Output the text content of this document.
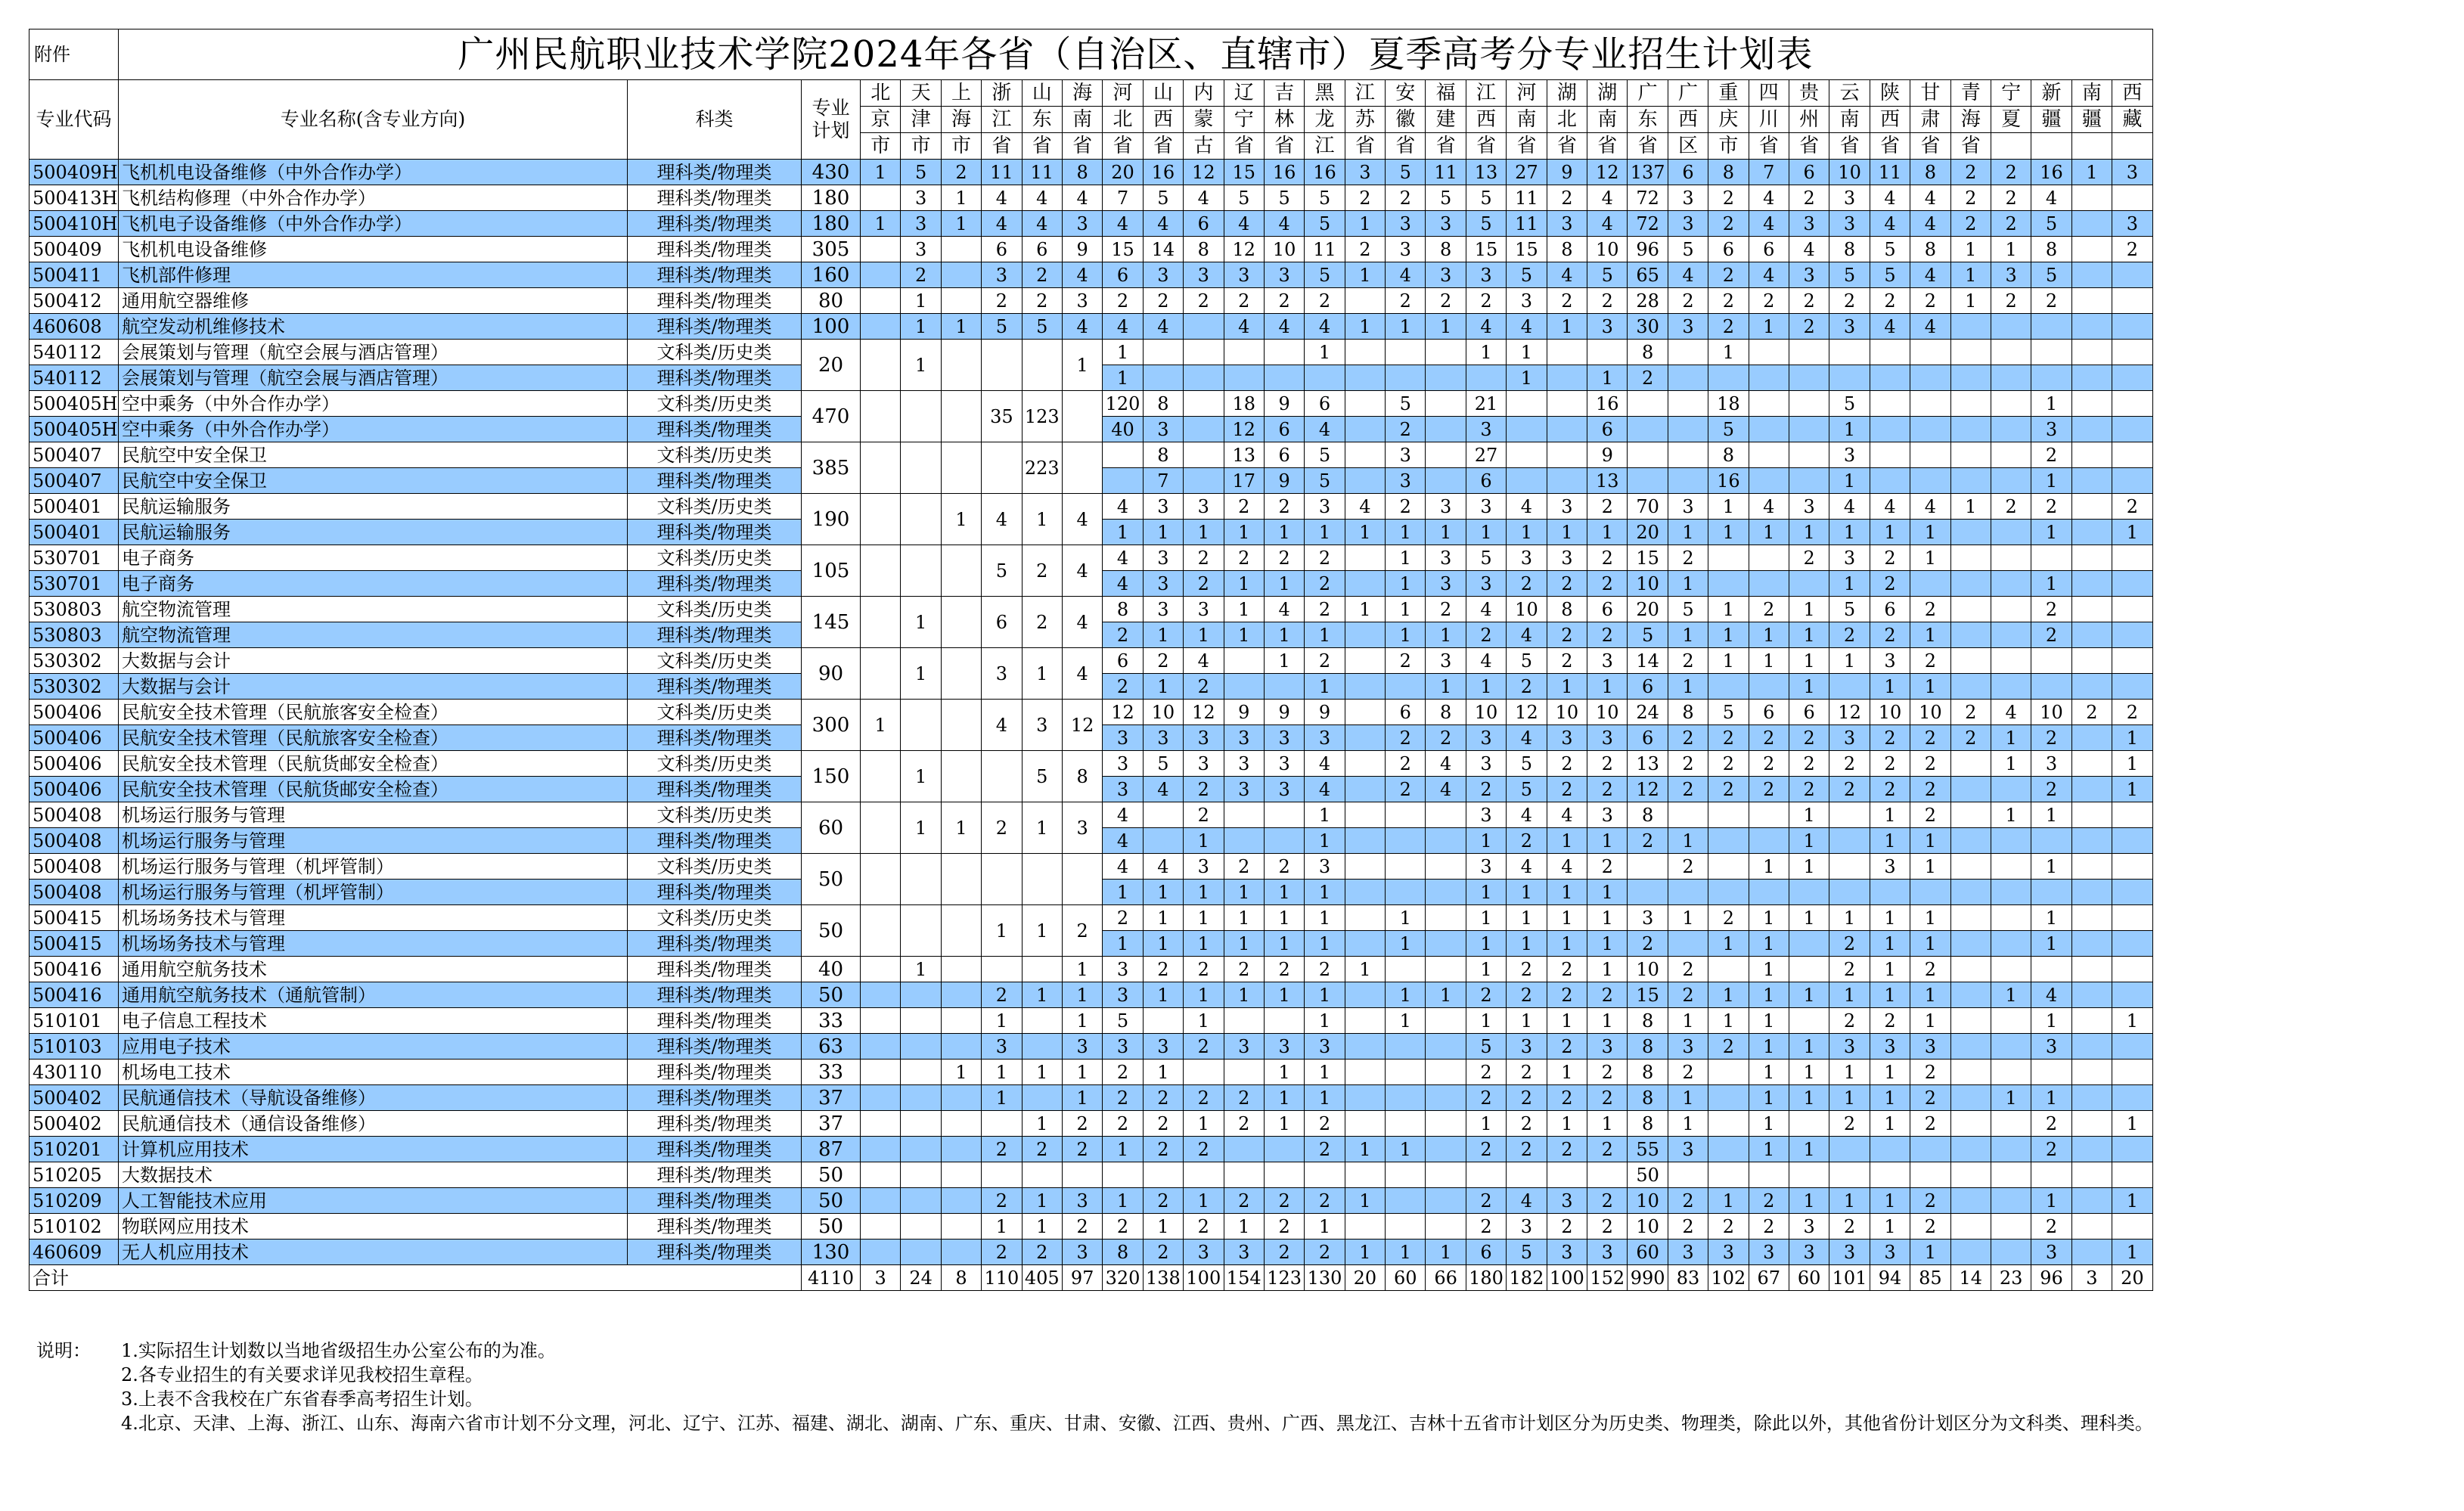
附件	广州民航职业技术学院2024年各省（自治区、直辖市）夏季高考分专业招生计划表																																		
专业代码	专业名称(含专业方向)	科类	专业计划	北	天	上	浙	山	海	河	山	内	辽	吉	黑	江	安	福	江	河	湖	湖	广	广	重	四	贵	云	陕	甘	青	宁	新	南	西
				京	津	海	江	东	南	北	西	蒙	宁	林	龙	苏	徽	建	西	南	北	南	东	西	庆	川	州	南	西	肃	海	夏	疆	疆	藏
				市	市	市	省	省	省	省	省	古	省	省	江	省	省	省	省	省	省	省	省	区	市	省	省	省	省	省	省				
500409H	飞机机电设备维修（中外合作办学）	理科类/物理类	430	1	5	2	11	11	8	20	16	12	15	16	16	3	5	11	13	27	9	12	137	6	8	7	6	10	11	8	2	2	16	1	3
500413H	飞机结构修理（中外合作办学）	理科类/物理类	180		3	1	4	4	4	7	5	4	5	5	5	2	2	5	5	11	2	4	72	3	2	4	2	3	4	4	2	2	4		
500410H	飞机电子设备维修（中外合作办学）	理科类/物理类	180	1	3	1	4	4	3	4	4	6	4	4	5	1	3	3	5	11	3	4	72	3	2	4	3	3	4	4	2	2	5		3
500409	飞机机电设备维修	理科类/物理类	305		3		6	6	9	15	14	8	12	10	11	2	3	8	15	15	8	10	96	5	6	6	4	8	5	8	1	1	8		2
500411	飞机部件修理	理科类/物理类	160		2		3	2	4	6	3	3	3	3	5	1	4	3	3	5	4	5	65	4	2	4	3	5	5	4	1	3	5		
500412	通用航空器维修	理科类/物理类	80		1		2	2	3	2	2	2	2	2	2		2	2	2	3	2	2	28	2	2	2	2	2	2	2	1	2	2		
460608	航空发动机维修技术	理科类/物理类	100		1	1	5	5	4	4	4		4	4	4	1	1	1	4	4	1	3	30	3	2	1	2	3	4	4					
540112	会展策划与管理（航空会展与酒店管理）	文科类/历史类	20		1				1	1					1				1	1			8		1										
540112	会展策划与管理（航空会展与酒店管理）	理科类/物理类								1										1		1	2												
500405H	空中乘务（中外合作办学）	文科类/历史类	470				35	123		120	8		18	9	6		5		21			16			18			5					1		
500405H	空中乘务（中外合作办学）	理科类/物理类								40	3		12	6	4		2		3			6			5			1					3		
500407	民航空中安全保卫	文科类/历史类	385					223			8		13	6	5		3		27			9			8			3					2		
500407	民航空中安全保卫	理科类/物理类									7		17	9	5		3		6			13			16			1					1		
500401	民航运输服务	文科类/历史类	190			1	4	1	4	4	3	3	2	2	3	4	2	3	3	4	3	2	70	3	1	4	3	4	4	4	1	2	2		2
500401	民航运输服务	理科类/物理类								1	1	1	1	1	1	1	1	1	1	1	1	1	20	1	1	1	1	1	1	1			1		1
530701	电子商务	文科类/历史类	105				5	2	4	4	3	2	2	2	2		1	3	5	3	3	2	15	2			2	3	2	1					
530701	电子商务	理科类/物理类								4	3	2	1	1	2		1	3	3	2	2	2	10	1				1	2				1		
530803	航空物流管理	文科类/历史类	145		1		6	2	4	8	3	3	1	4	2	1	1	2	4	10	8	6	20	5	1	2	1	5	6	2			2		
530803	航空物流管理	理科类/物理类								2	1	1	1	1	1		1	1	2	4	2	2	5	1	1	1	1	2	2	1			2		
530302	大数据与会计	文科类/历史类	90		1		3	1	4	6	2	4		1	2		2	3	4	5	2	3	14	2	1	1	1	1	3	2					
530302	大数据与会计	理科类/物理类								2	1	2			1			1	1	2	1	1	6	1			1		1	1					
500406	民航安全技术管理（民航旅客安全检查）	文科类/历史类	300	1			4	3	12	12	10	12	9	9	9		6	8	10	12	10	10	24	8	5	6	6	12	10	10	2	4	10	2	2
500406	民航安全技术管理（民航旅客安全检查）	理科类/物理类								3	3	3	3	3	3		2	2	3	4	3	3	6	2	2	2	2	3	2	2	2	1	2		1
500406	民航安全技术管理（民航货邮安全检查）	文科类/历史类	150		1			5	8	3	5	3	3	3	4		2	4	3	5	2	2	13	2	2	2	2	2	2	2		1	3		1
500406	民航安全技术管理（民航货邮安全检查）	理科类/物理类								3	4	2	3	3	4		2	4	2	5	2	2	12	2	2	2	2	2	2	2			2		1
500408	机场运行服务与管理	文科类/历史类	60		1	1	2	1	3	4		2			1				3	4	4	3	8				1		1	2		1	1		
500408	机场运行服务与管理	理科类/物理类								4		1			1				1	2	1	1	2	1			1		1	1					
500408	机场运行服务与管理（机坪管制）	文科类/历史类	50							4	4	3	2	2	3				3	4	4	2		2		1	1		3	1			1		
500408	机场运行服务与管理（机坪管制）	理科类/物理类								1	1	1	1	1	1				1	1	1	1													
500415	机场场务技术与管理	文科类/历史类	50				1	1	2	2	1	1	1	1	1		1		1	1	1	1	3	1	2	1	1	1	1	1			1		
500415	机场场务技术与管理	理科类/物理类								1	1	1	1	1	1		1		1	1	1	1	2		1	1		2	1	1			1		
500416	通用航空航务技术	理科类/物理类	40		1				1	3	2	2	2	2	2	1			1	2	2	1	10	2		1		2	1	2					
500416	通用航空航务技术（通航管制）	理科类/物理类	50				2	1	1	3	1	1	1	1	1		1	1	2	2	2	2	15	2	1	1	1	1	1	1		1	4		
510101	电子信息工程技术	理科类/物理类	33				1		1	5		1			1		1		1	1	1	1	8	1	1	1		2	2	1			1		1
510103	应用电子技术	理科类/物理类	63				3		3	3	3	2	3	3	3				5	3	2	3	8	3	2	1	1	3	3	3			3		
430110	机场电工技术	理科类/物理类	33			1	1	1	1	2	1			1	1				2	2	1	2	8	2		1	1	1	1	2					
500402	民航通信技术（导航设备维修）	理科类/物理类	37				1		1	2	2	2	2	1	1				2	2	2	2	8	1		1	1	1	1	2		1	1		
500402	民航通信技术（通信设备维修）	理科类/物理类	37					1	2	2	2	1	2	1	2				1	2	1	1	8	1		1		2	1	2			2		1
510201	计算机应用技术	理科类/物理类	87				2	2	2	1	2	2			2	1	1		2	2	2	2	55	3		1	1						2		
510205	大数据技术	理科类/物理类	50																				50												
510209	人工智能技术应用	理科类/物理类	50				2	1	3	1	2	1	2	2	2	1			2	4	3	2	10	2	1	2	1	1	1	2			1		1
510102	物联网应用技术	理科类/物理类	50				1	1	2	2	1	2	1	2	1				2	3	2	2	10	2	2	2	3	2	1	2			2		
460609	无人机应用技术	理科类/物理类	130				2	2	3	8	2	3	3	2	2	1	1	1	6	5	3	3	60	3	3	3	3	3	3	1			3		1
合计			4110	3	24	8	110	405	97	320	138	100	154	123	130	20	60	66	180	182	100	152	990	83	102	67	60	101	94	85	14	23	96	3	20
说明：	1.实际招生计划数以当地省级招生办公室公布的为准。
2.各专业招生的有关要求详见我校招生章程。
3.上表不含我校在广东省春季高考招生计划。
4.北京、天津、上海、浙江、山东、海南六省市计划不分文理，河北、辽宁、江苏、福建、湖北、湖南、广东、重庆、甘肃、安徽、江西、贵州、广西、黑龙江、吉林十五省市计划区分为历史类、物理类，除此以外，其他省份计划区分为文科类、理科类。
